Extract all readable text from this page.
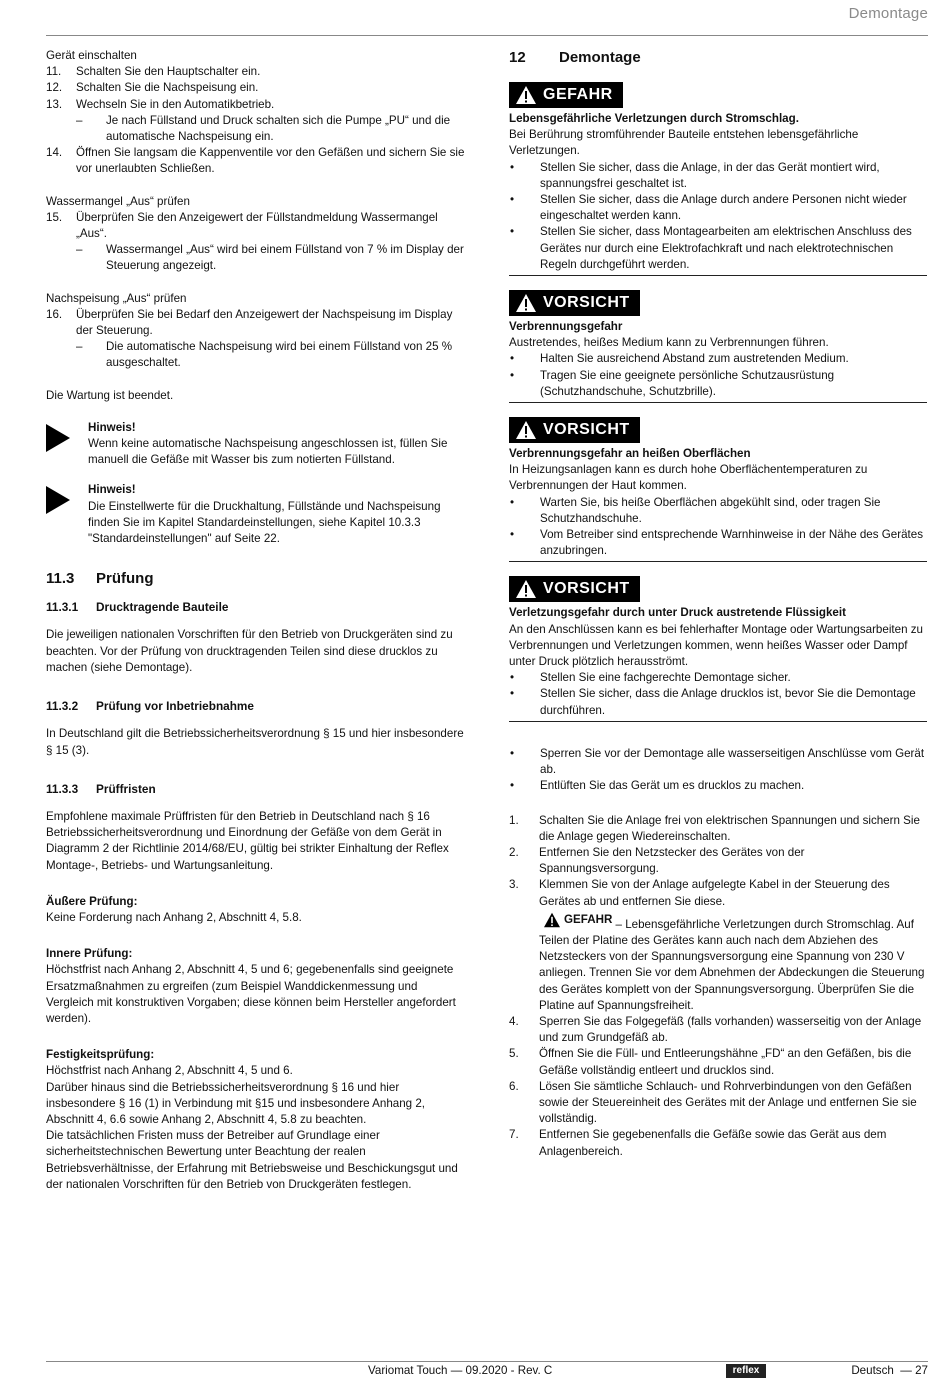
Demontage

Gerät einschalten

11.	Schalten Sie den Hauptschalter ein.
12.	Schalten Sie die Nachspeisung ein.
13.	Wechseln Sie in den Automatikbetrieb.
–	Je nach Füllstand und Druck schalten sich die Pumpe „PU“ und die automatische Nachspeisung ein.
14.	Öffnen Sie langsam die Kappenventile vor den Gefäßen und sichern Sie sie vor unerlaubten Schließen.

Wassermangel „Aus“ prüfen

15.	Überprüfen Sie den Anzeigewert der Füllstandmeldung Wassermangel „Aus“.
–	Wassermangel „Aus“ wird bei einem Füllstand von 7 % im Display der Steuerung angezeigt.

Nachspeisung „Aus“ prüfen

16.	Überprüfen Sie bei Bedarf den Anzeigewert der Nachspeisung im Display der Steuerung.
–	Die automatische Nachspeisung wird bei einem Füllstand von 25 % ausgeschaltet.

Die Wartung ist beendet.

Hinweis!
Wenn keine automatische Nachspeisung angeschlossen ist, füllen Sie manuell die Gefäße mit Wasser bis zum notierten Füllstand.
Hinweis!
Die Einstellwerte für die Druckhaltung, Füllstände und Nachspeisung finden Sie im Kapitel Standardeinstellungen, siehe Kapitel 10.3.3 "Standardeinstellungen" auf Seite 22.
11.3	Prüfung
11.3.1	Drucktragende Bauteile

Die jeweiligen nationalen Vorschriften für den Betrieb von Druckgeräten sind zu beachten. Vor der Prüfung von drucktragenden Teilen sind diese drucklos zu machen (siehe Demontage).

11.3.2	Prüfung vor Inbetriebnahme

In Deutschland gilt die Betriebssicherheitsverordnung § 15 und hier insbesondere § 15 (3).

11.3.3	Prüffristen

Empfohlene maximale Prüffristen für den Betrieb in Deutschland nach § 16 Betriebssicherheitsverordnung und Einordnung der Gefäße von dem Gerät in Diagramm 2 der Richtlinie 2014/68/EU, gültig bei strikter Einhaltung der Reflex Montage-, Betriebs- und Wartungsanleitung.

Äußere Prüfung:

Keine Forderung nach Anhang 2, Abschnitt 4, 5.8.

Innere Prüfung:

Höchstfrist nach Anhang 2, Abschnitt 4, 5 und 6; gegebenenfalls sind geeignete Ersatzmaßnahmen zu ergreifen (zum Beispiel Wanddickenmessung und Vergleich mit konstruktiven Vorgaben; diese können beim Hersteller angefordert werden).

Festigkeitsprüfung:

Höchstfrist nach Anhang 2, Abschnitt 4, 5 und 6.

Darüber hinaus sind die Betriebssicherheitsverordnung § 16 und hier insbesondere § 16 (1) in Verbindung mit §15 und insbesondere Anhang 2, Abschnitt 4, 6.6 sowie Anhang 2, Abschnitt 4, 5.8 zu beachten.

Die tatsächlichen Fristen muss der Betreiber auf Grundlage einer sicherheitstechnischen Bewertung unter Beachtung der realen Betriebsverhältnisse, der Erfahrung mit Betriebsweise und Beschickungsgut und der nationalen Vorschriften für den Betrieb von Druckgeräten festlegen.

12	Demontage
GEFAHR
Lebensgefährliche Verletzungen durch Stromschlag.
Bei Berührung stromführender Bauteile entstehen lebensgefährliche Verletzungen.
•	Stellen Sie sicher, dass die Anlage, in der das Gerät montiert wird, spannungsfrei geschaltet ist.
•	Stellen Sie sicher, dass die Anlage durch andere Personen nicht wieder eingeschaltet werden kann.
•	Stellen Sie sicher, dass Montagearbeiten am elektrischen Anschluss des Gerätes nur durch eine Elektrofachkraft und nach elektrotechnischen Regeln durchgeführt werden.
VORSICHT
Verbrennungsgefahr
Austretendes, heißes Medium kann zu Verbrennungen führen.
•	Halten Sie ausreichend Abstand zum austretenden Medium.
•	Tragen Sie eine geeignete persönliche Schutzausrüstung (Schutzhandschuhe, Schutzbrille).
VORSICHT
Verbrennungsgefahr an heißen Oberflächen
In Heizungsanlagen kann es durch hohe Oberflächentemperaturen zu Verbrennungen der Haut kommen.
•	Warten Sie, bis heiße Oberflächen abgekühlt sind, oder tragen Sie Schutzhandschuhe.
•	Vom Betreiber sind entsprechende Warnhinweise in der Nähe des Gerätes anzubringen.
VORSICHT
Verletzungsgefahr durch unter Druck austretende Flüssigkeit
An den Anschlüssen kann es bei fehlerhafter Montage oder Wartungsarbeiten zu Verbrennungen und Verletzungen kommen, wenn heißes Wasser oder Dampf unter Druck plötzlich herausströmt.
•	Stellen Sie eine fachgerechte Demontage sicher.
•	Stellen Sie sicher, dass die Anlage drucklos ist, bevor Sie die Demontage durchführen.
•	Sperren Sie vor der Demontage alle wasserseitigen Anschlüsse vom Gerät ab.
•	Entlüften Sie das Gerät um es drucklos zu machen.
1.	Schalten Sie die Anlage frei von elektrischen Spannungen und sichern Sie die Anlage gegen Wiedereinschalten.
2.	Entfernen Sie den Netzstecker des Gerätes von der Spannungsversorgung.
3.	Klemmen Sie von der Anlage aufgelegte Kabel in der Steuerung des Gerätes ab und entfernen Sie diese.
GEFAHR – Lebensgefährliche Verletzungen durch Stromschlag. Auf Teilen der Platine des Gerätes kann auch nach dem Abziehen des Netzsteckers von der Spannungsversorgung eine Spannung von 230 V anliegen. Trennen Sie vor dem Abnehmen der Abdeckungen die Steuerung des Gerätes komplett von der Spannungsversorgung. Überprüfen Sie die Platine auf Spannungsfreiheit.
4.	Sperren Sie das Folgegefäß (falls vorhanden) wasserseitig von der Anlage und zum Grundgefäß ab.
5.	Öffnen Sie die Füll- und Entleerungshähne „FD“ an den Gefäßen, bis die Gefäße vollständig entleert und drucklos sind.
6.	Lösen Sie sämtliche Schlauch- und Rohrverbindungen von den Gefäßen sowie der Steuereinheit des Gerätes mit der Anlage und entfernen Sie sie vollständig.
7.	Entfernen Sie gegebenenfalls die Gefäße sowie das Gerät aus dem Anlagenbereich.
Variomat Touch — 09.2020 - Rev. C	reflex	Deutsch  — 27
